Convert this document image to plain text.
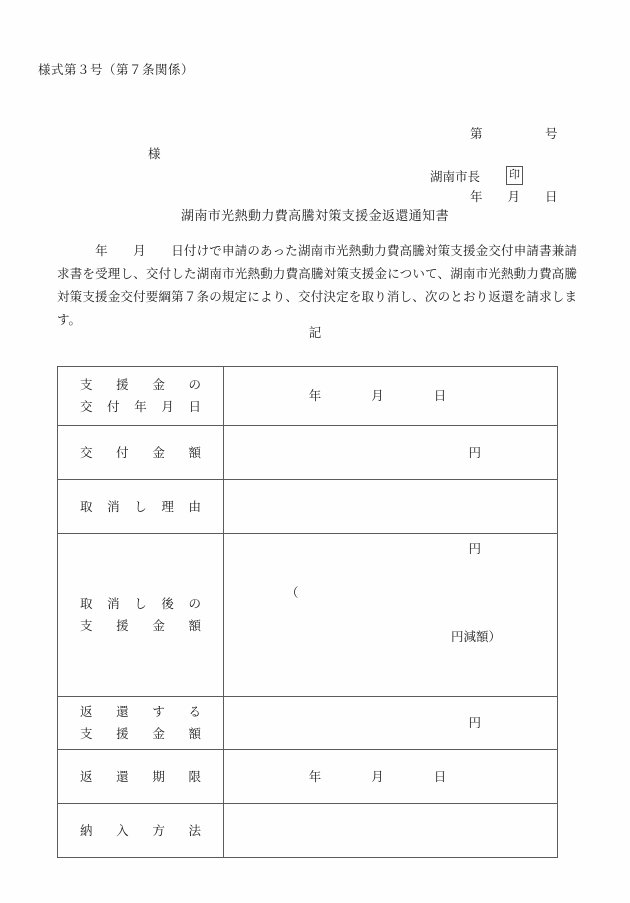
様式第３号（第７条関係）

第　　　　　号

年　　月　　日

様
湖南市長	印
湖南市光熱動力費高騰対策支援金返還通知書
　　　年　　月　　日付けで申請のあった湖南市光熱動力費高騰対策支援金交付申請書兼請求書を受理し、交付した湖南市光熱動力費高騰対策支援金について、湖南市光熱動力費高騰対策支援金交付要綱第７条の規定により、交付決定を取り消し、次のとおり返還を請求します。
記
支援金の
交付年月日	年　　　　月　　　　日

交付金額	円

取消し理由	

取消し後の
支援金額	円

（

円減額）

返還する
支援金額	円

返還期限	年　　　　月　　　　日

納入方法	
